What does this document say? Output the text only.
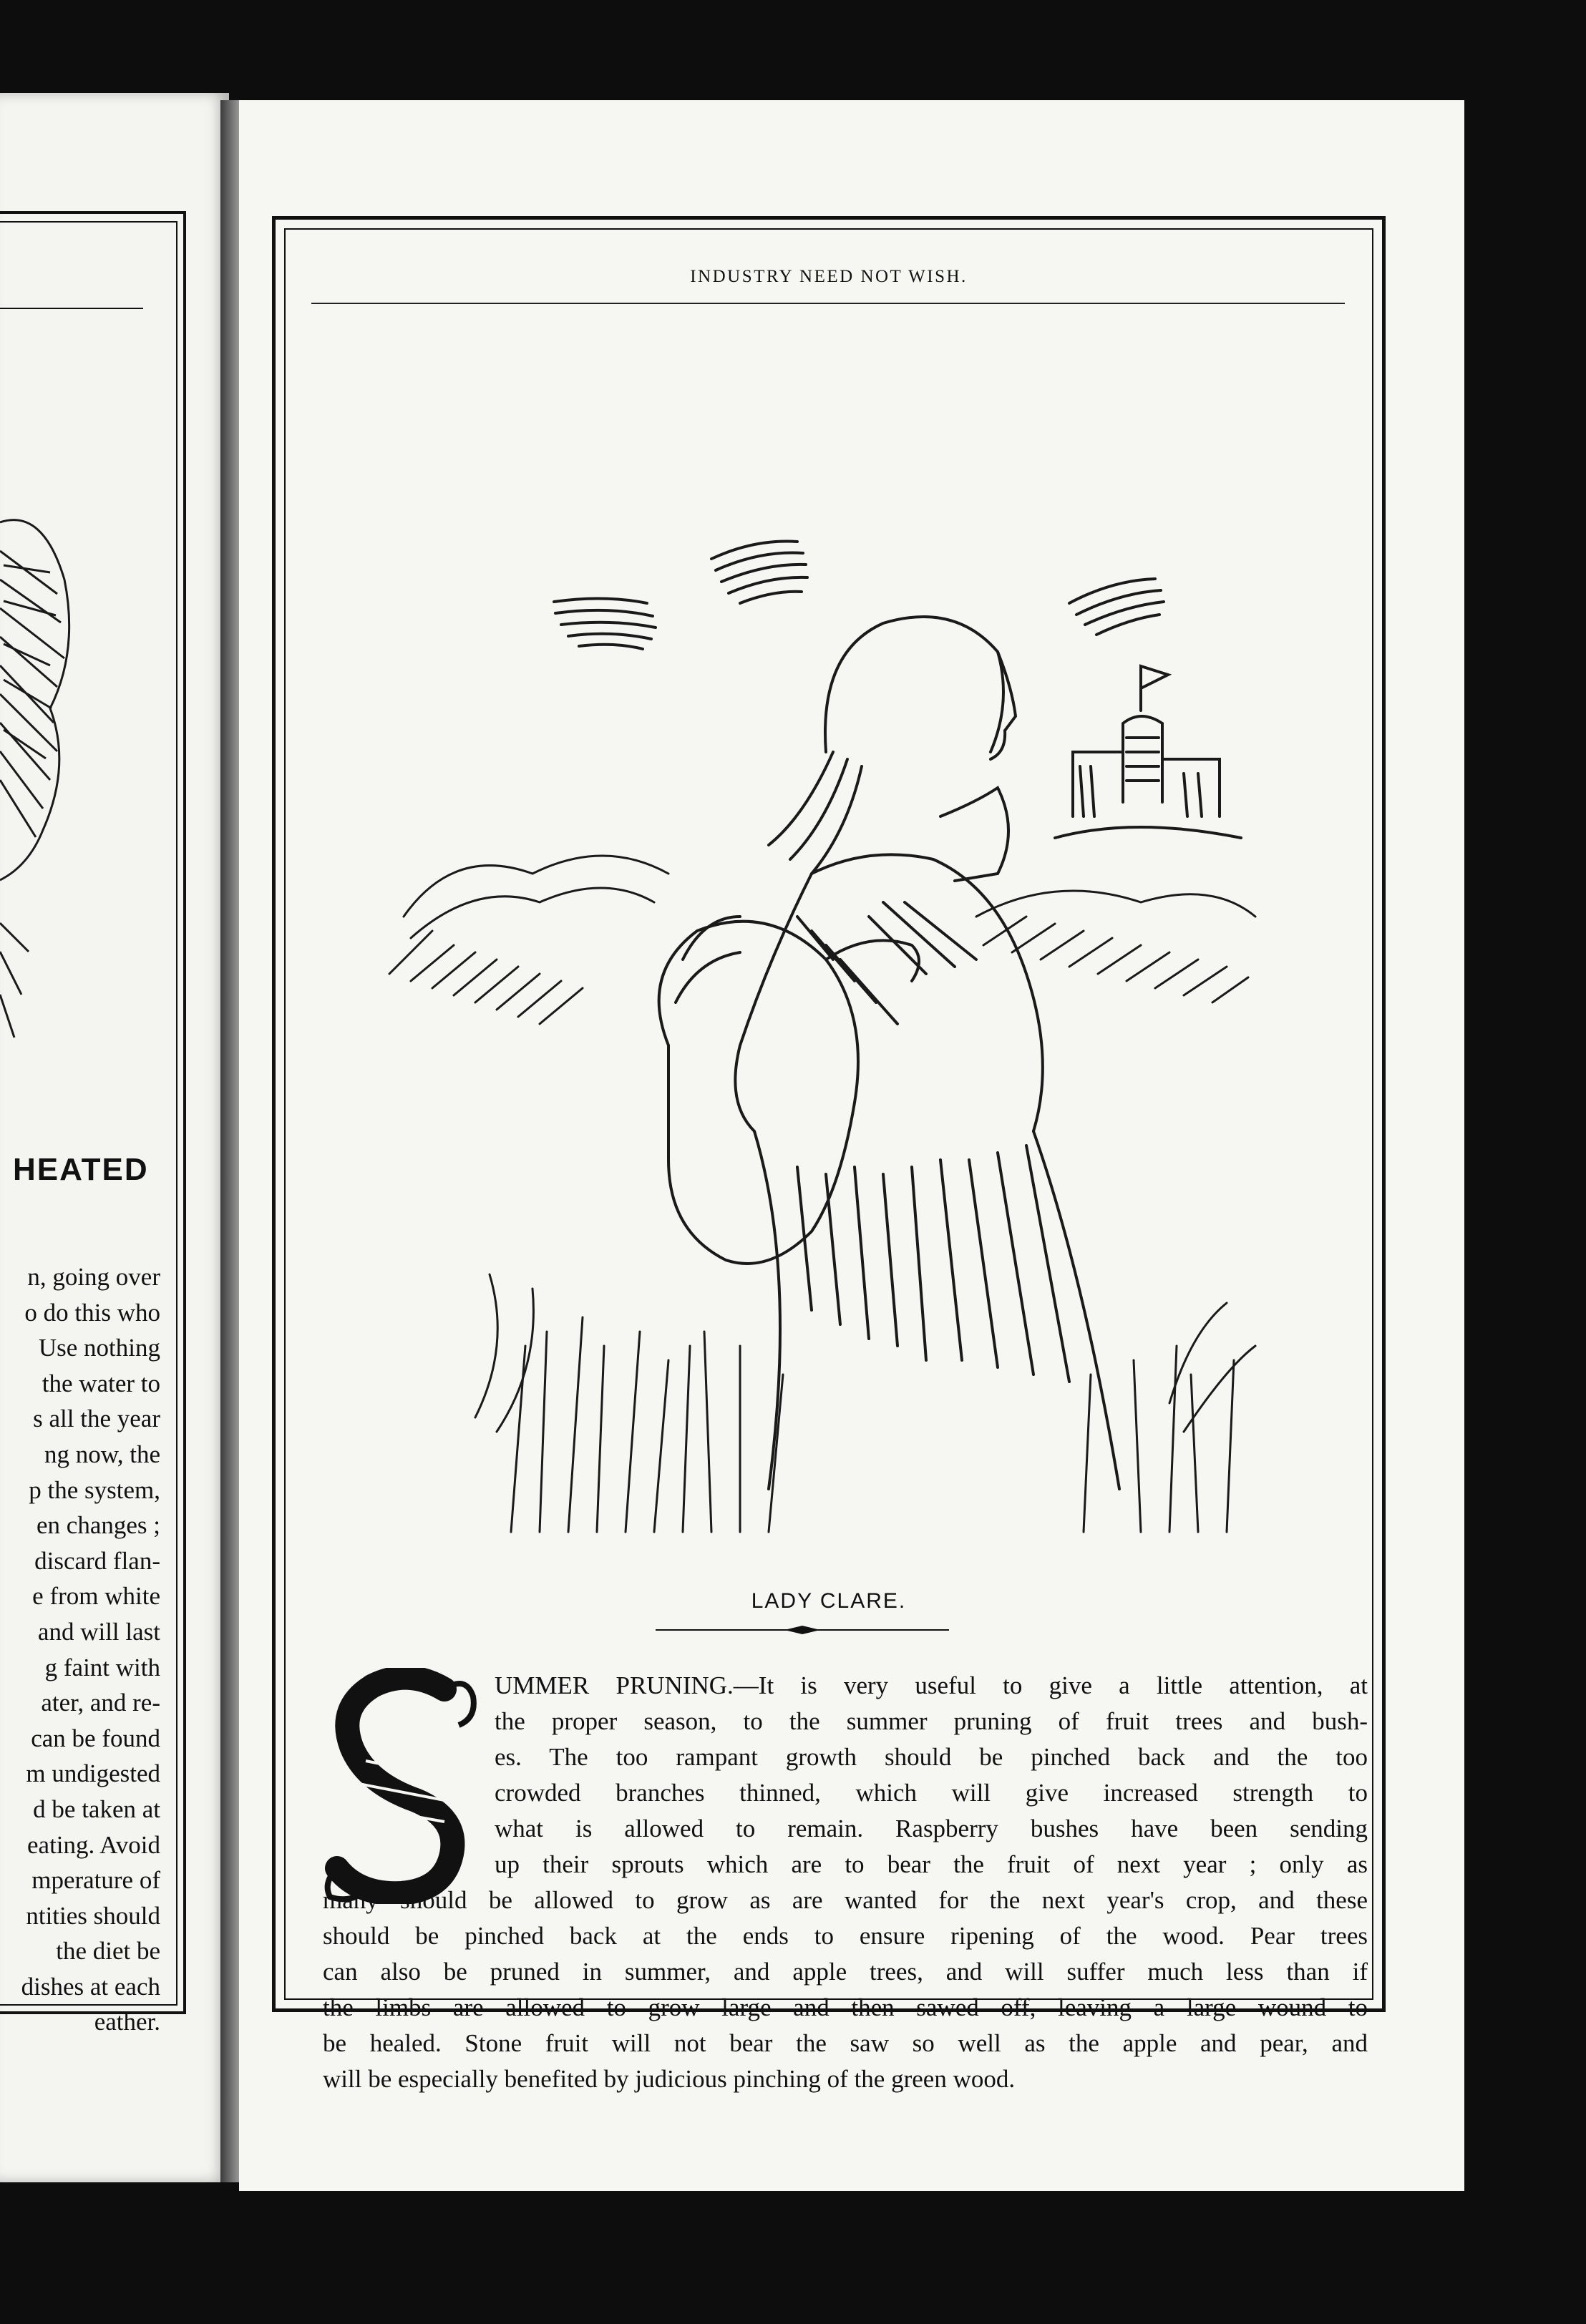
HEATED
n, going over
o do this who
Use nothing
the water to
s all the year
ng now, the
p the system,
en changes ;
discard flan-
e from white
and will last
g faint with
ater, and re-
can be found
m undigested
d be taken at
eating. Avoid
mperature of
ntities should
the diet be
dishes at each
eather.
INDUSTRY NEED NOT WISH.
LADY CLARE.
S
UMMER PRUNING.—It is very useful to give a little attention, at
the proper season, to the summer pruning of fruit trees and bush-
es. The too rampant growth should be pinched back and the too
crowded branches thinned, which will give increased strength to
what is allowed to remain. Raspberry bushes have been sending
up their sprouts which are to bear the fruit of next year ; only as
many should be allowed to grow as are wanted for the next year's crop, and these
should be pinched back at the ends to ensure ripening of the wood. Pear trees
can also be pruned in summer, and apple trees, and will suffer much less than if
the limbs are allowed to grow large and then sawed off, leaving a large wound to
be healed. Stone fruit will not bear the saw so well as the apple and pear, and
will be especially benefited by judicious pinching of the green wood.
